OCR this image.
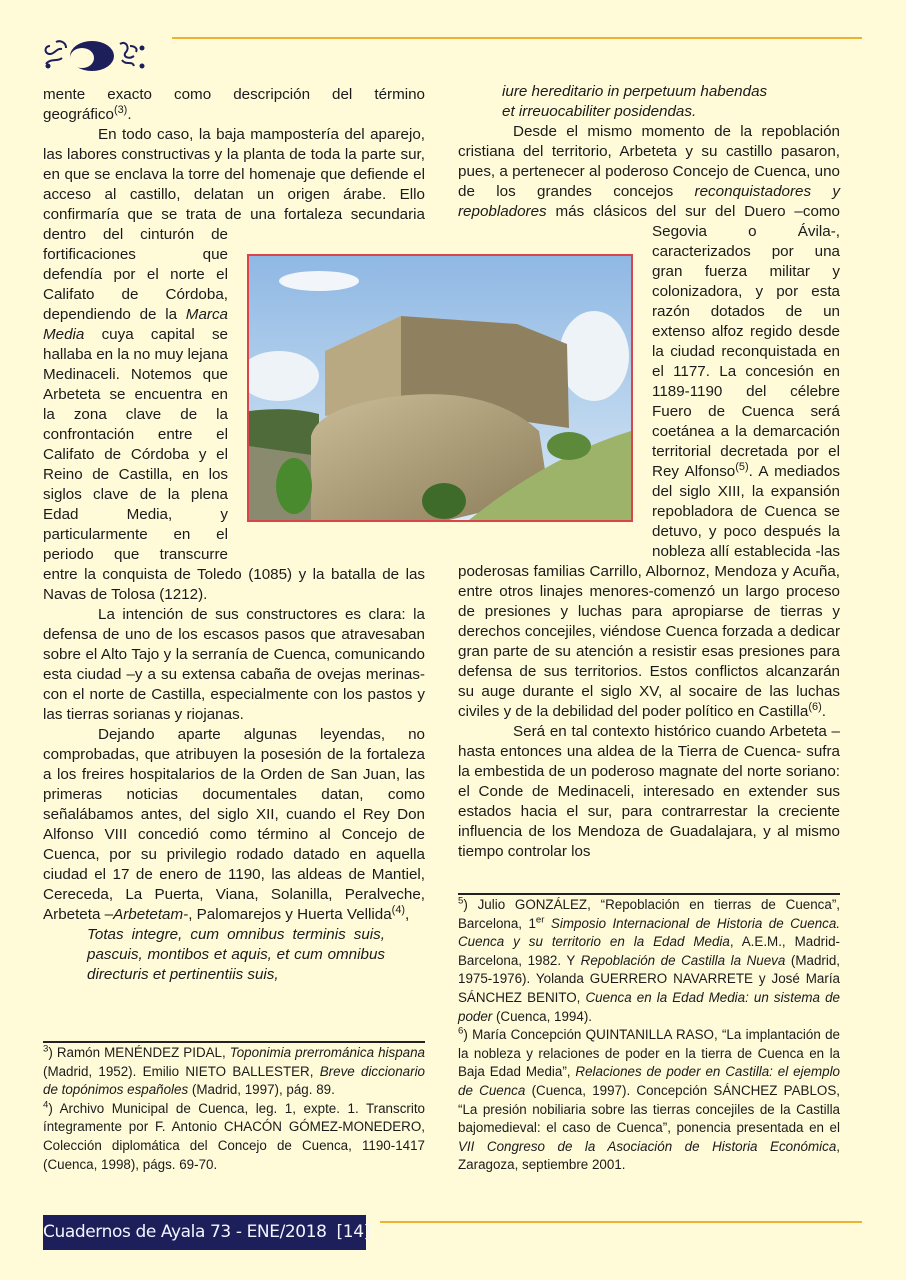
mente exacto como descripción del término geográfico$^{(3)}$.

En todo caso, la baja mampostería del aparejo, las labores constructivas y la planta de toda la parte sur, en que se enclava la torre del homenaje que defiende el acceso al castillo, delatan un origen árabe. Ello confirmaría que se trata de una fortaleza secundaria dentro del cinturón de fortificaciones que defendía por el norte el Califato de Córdoba, dependiendo de la Marca Media cuya capital se hallaba en la no muy lejana Medinaceli. Notemos que Arbeteta se encuentra en la zona clave de la confrontación entre el Califato de Córdoba y el Reino de Castilla, en los siglos clave de la plena Edad Media, y particularmente en el periodo que transcurre entre la conquista de Toledo (1085) y la batalla de las Navas de Tolosa (1212).

La intención de sus constructores es clara: la defensa de uno de los escasos pasos que atravesaban sobre el Alto Tajo y la serranía de Cuenca, comunicando esta ciudad –y a su extensa cabaña de ovejas merinas- con el norte de Castilla, especialmente con los pastos y las tierras sorianas y riojanas.

Dejando aparte algunas leyendas, no comprobadas, que atribuyen la posesión de la fortaleza a los freires hospitalarios de la Orden de San Juan, las primeras noticias documentales datan, como señalábamos antes, del siglo XII, cuando el Rey Don Alfonso VIII concedió como término al Concejo de Cuenca, por su privilegio rodado datado en aquella ciudad el 17 de enero de 1190, las aldeas de Mantiel, Cereceda, La Puerta, Viana, Solanilla, Peralveche, Arbeteta –Arbetetam-, Palomarejos y Huerta Vellida$^{(4)}$,

Totas integre, cum omnibus terminis suis, pascuis, montibos et aquis, et cum omnibus directuris et pertinentiis suis,

iure hereditario in perpetuum habendas

et irreuocabiliter posidendas.

Desde el mismo momento de la repoblación cristiana del territorio, Arbeteta y su castillo pasaron, pues, a pertenecer al poderoso Concejo de Cuenca, uno de los grandes concejos reconquistadores y repobladores más clásicos del sur del Duero –como Segovia o Ávila-, caracterizados por una gran fuerza militar y colonizadora, y por esta razón dotados de un extenso alfoz regido desde la ciudad reconquistada en el 1177. La concesión en 1189-1190 del célebre Fuero de Cuenca será coetánea a la demarcación territorial decretada por el Rey Alfonso$^{(5)}$. A mediados del siglo XIII, la expansión repobladora de Cuenca se detuvo, y poco después la nobleza allí establecida -las poderosas familias Carrillo, Albornoz, Mendoza y Acuña, entre otros linajes menores-comenzó un largo proceso de presiones y luchas para apropiarse de tierras y derechos concejiles, viéndose Cuenca forzada a dedicar gran parte de su atención a resistir esas presiones para defensa de sus territorios. Estos conflictos alcanzarán su auge durante el siglo XV, al socaire de las luchas civiles y de la debilidad del poder político en Castilla$^{(6)}$.

Será en tal contexto histórico cuando Arbeteta –hasta entonces una aldea de la Tierra de Cuenca- sufra la embestida de un poderoso magnate del norte soriano: el Conde de Medinaceli, interesado en extender sus estados hacia el sur, para contrarrestar la creciente influencia de los Mendoza de Guadalajara, y al mismo tiempo controlar los

$^5$) Julio GONZÁLEZ, “Repoblación en tierras de Cuenca”, Barcelona, 1er Simposio Internacional de Historia de Cuenca. Cuenca y su territorio en la Edad Media, A.E.M., Madrid-Barcelona, 1982. Y Repoblación de Castilla la Nueva (Madrid, 1975-1976). Yolanda GUERRERO NAVARRETE y José María SÁNCHEZ BENITO, Cuenca en la Edad Media: un sistema de poder (Cuenca, 1994).

$^6$) María Concepción QUINTANILLA RASO, “La implantación de la nobleza y relaciones de poder en la tierra de Cuenca en la Baja Edad Media”, Relaciones de poder en Castilla: el ejemplo de Cuenca (Cuenca, 1997). Concepción SÁNCHEZ PABLOS, “La presión nobiliaria sobre las tierras concejiles de la Castilla bajomedieval: el caso de Cuenca”, ponencia presentada en el VII Congreso de la Asociación de Historia Económica, Zaragoza, septiembre 2001.

$^3$) Ramón MENÉNDEZ PIDAL, Toponimia prerrománica hispana (Madrid, 1952). Emilio NIETO BALLESTER, Breve diccionario de topónimos españoles (Madrid, 1997), pág. 89.

$^4$) Archivo Municipal de Cuenca, leg. 1, expte. 1. Transcrito íntegramente por F. Antonio CHACÓN GÓMEZ-MONEDERO, Colección diplomática del Concejo de Cuenca, 1190-1417 (Cuenca, 1998), págs. 69-70.

Cuadernos de Ayala 73 - ENE/2018  [14]
